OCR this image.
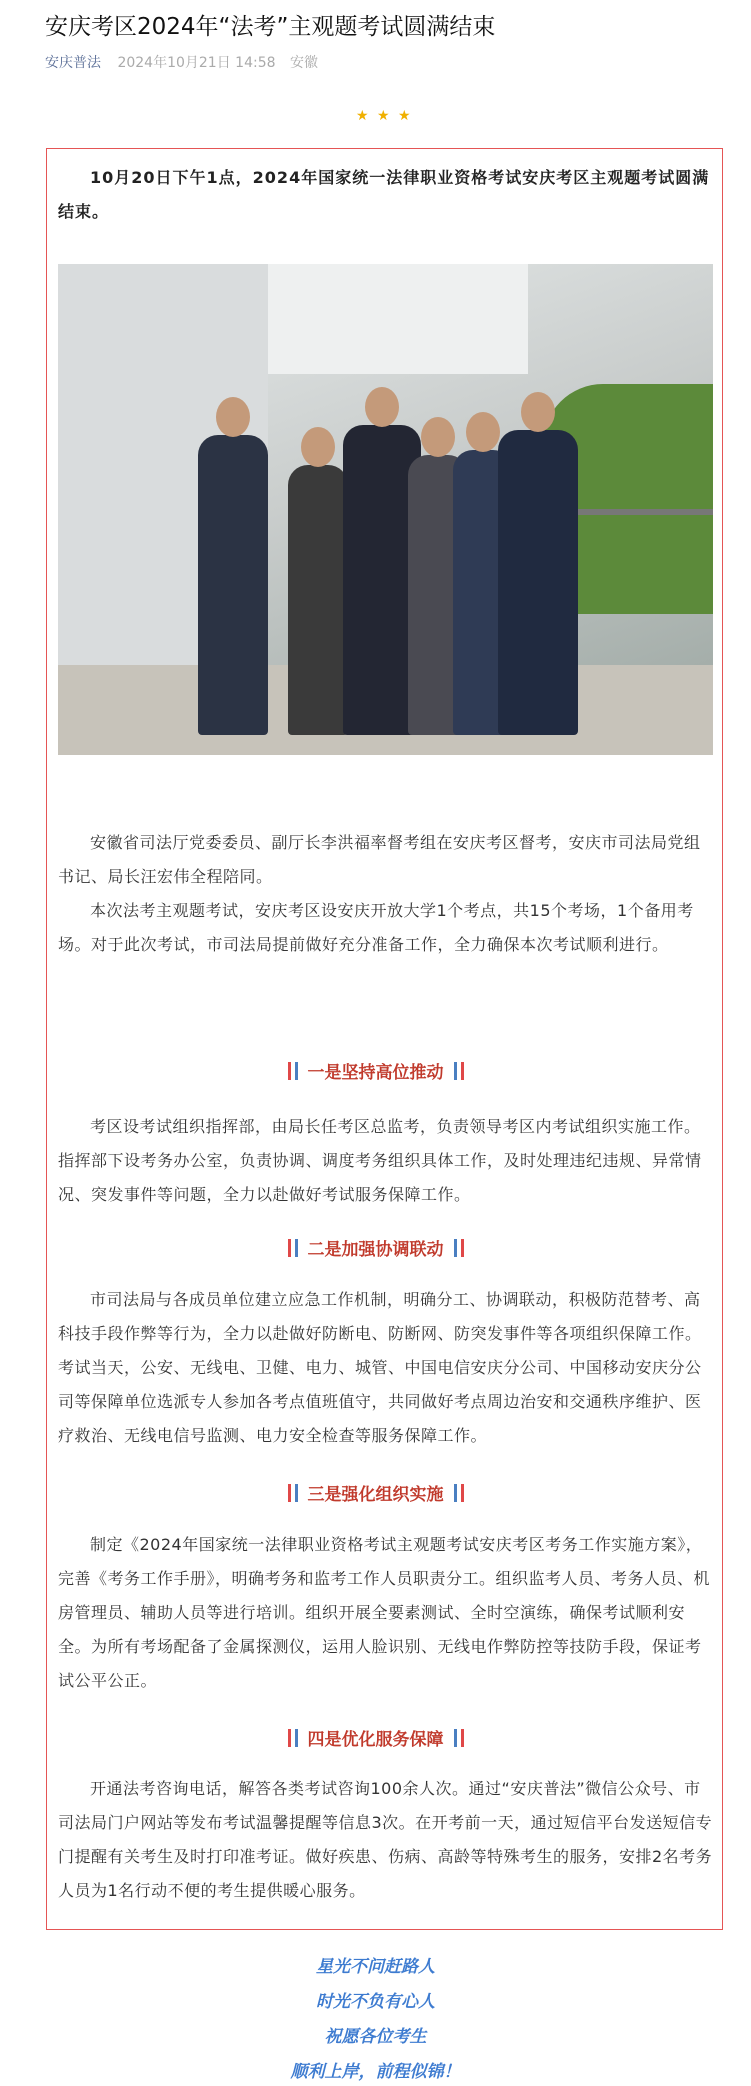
安庆考区2024年“法考”主观题考试圆满结束
安庆普法 2024年10月21日 14:58 安徽
★ ★ ★
10月20日下午1点，2024年国家统一法律职业资格考试安庆考区主观题考试圆满结束。

安徽省司法厅党委委员、副厅长李洪福率督考组在安庆考区督考，安庆市司法局党组书记、局长汪宏伟全程陪同。

本次法考主观题考试，安庆考区设安庆开放大学1个考点，共15个考场，1个备用考场。对于此次考试，市司法局提前做好充分准备工作，全力确保本次考试顺利进行。

一是坚持高位推动

考区设考试组织指挥部，由局长任考区总监考，负责领导考区内考试组织实施工作。指挥部下设考务办公室，负责协调、调度考务组织具体工作，及时处理违纪违规、异常情况、突发事件等问题，全力以赴做好考试服务保障工作。

二是加强协调联动

市司法局与各成员单位建立应急工作机制，明确分工、协调联动，积极防范替考、高科技手段作弊等行为，全力以赴做好防断电、防断网、防突发事件等各项组织保障工作。考试当天，公安、无线电、卫健、电力、城管、中国电信安庆分公司、中国移动安庆分公司等保障单位选派专人参加各考点值班值守，共同做好考点周边治安和交通秩序维护、医疗救治、无线电信号监测、电力安全检查等服务保障工作。

三是强化组织实施

制定《2024年国家统一法律职业资格考试主观题考试安庆考区考务工作实施方案》，完善《考务工作手册》，明确考务和监考工作人员职责分工。组织监考人员、考务人员、机房管理员、辅助人员等进行培训。组织开展全要素测试、全时空演练，确保考试顺利安全。为所有考场配备了金属探测仪，运用人脸识别、无线电作弊防控等技防手段，保证考试公平公正。

四是优化服务保障

开通法考咨询电话，解答各类考试咨询100余人次。通过“安庆普法”微信公众号、市司法局门户网站等发布考试温馨提醒等信息3次。在开考前一天，通过短信平台发送短信专门提醒有关考生及时打印准考证。做好疾患、伤病、高龄等特殊考生的服务，安排2名考务人员为1名行动不便的考生提供暖心服务。

星光不问赶路人
时光不负有心人
祝愿各位考生
顺利上岸，前程似锦！
